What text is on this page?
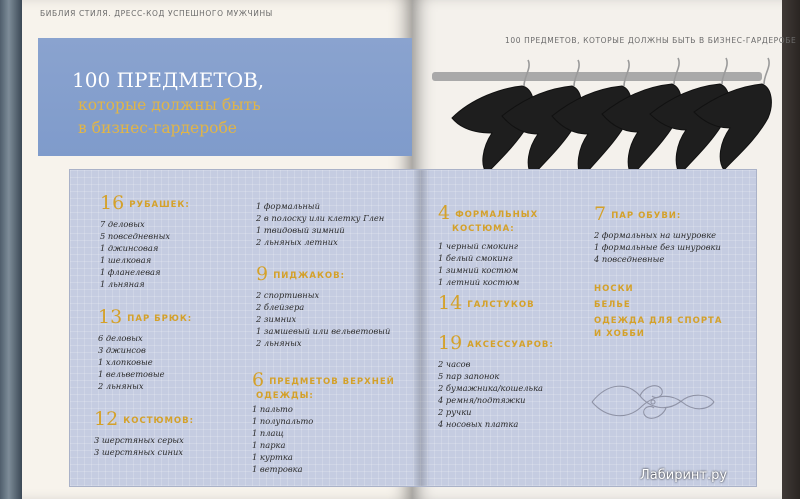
БИБЛИЯ СТИЛЯ. ДРЕСС-КОД УСПЕШНОГО МУЖЧИНЫ
100 ПРЕДМЕТОВ, КОТОРЫЕ ДОЛЖНЫ БЫТЬ В БИЗНЕС-ГАРДЕРОБЕ
100 ПРЕДМЕТОВ,
которые должны быть
в бизнес-гардеробе
16 РУБАШЕК:
7 деловых
5 повседневных
1 джинсовая
1 шелковая
1 фланелевая
1 льняная
13 ПАР БРЮК:
6 деловых
3 джинсов
1 хлопковые
1 вельветовые
2 льняных
12 КОСТЮМОВ:
3 шерстяных серых
3 шерстяных синих
1 формальный
2 в полоску или клетку Глен
1 твидовый зимний
2 льняных летних
9 ПИДЖАКОВ:
2 спортивных
2 блейзера
2 зимних
1 замшевый или вельветовый
2 льняных
6 ПРЕДМЕТОВ ВЕРХНЕЙ
ОДЕЖДЫ:
1 пальто
1 полупальто
1 плащ
1 парка
1 куртка
1 ветровка
4 ФОРМАЛЬНЫХ
КОСТЮМА:
1 черный смокинг
1 белый смокинг
1 зимний костюм
1 летний костюм
14 ГАЛСТУКОВ
19 АКСЕССУАРОВ:
2 часов
5 пар запонок
2 бумажника/кошелька
4 ремня/подтяжки
2 ручки
4 носовых платка
7 ПАР ОБУВИ:
2 формальных на шнуровке
1 формальные без шнуровки
4 повседневные
НОСКИ
БЕЛЬЕ
ОДЕЖДА ДЛЯ СПОРТА
И ХОББИ
Лабиринт.ру
